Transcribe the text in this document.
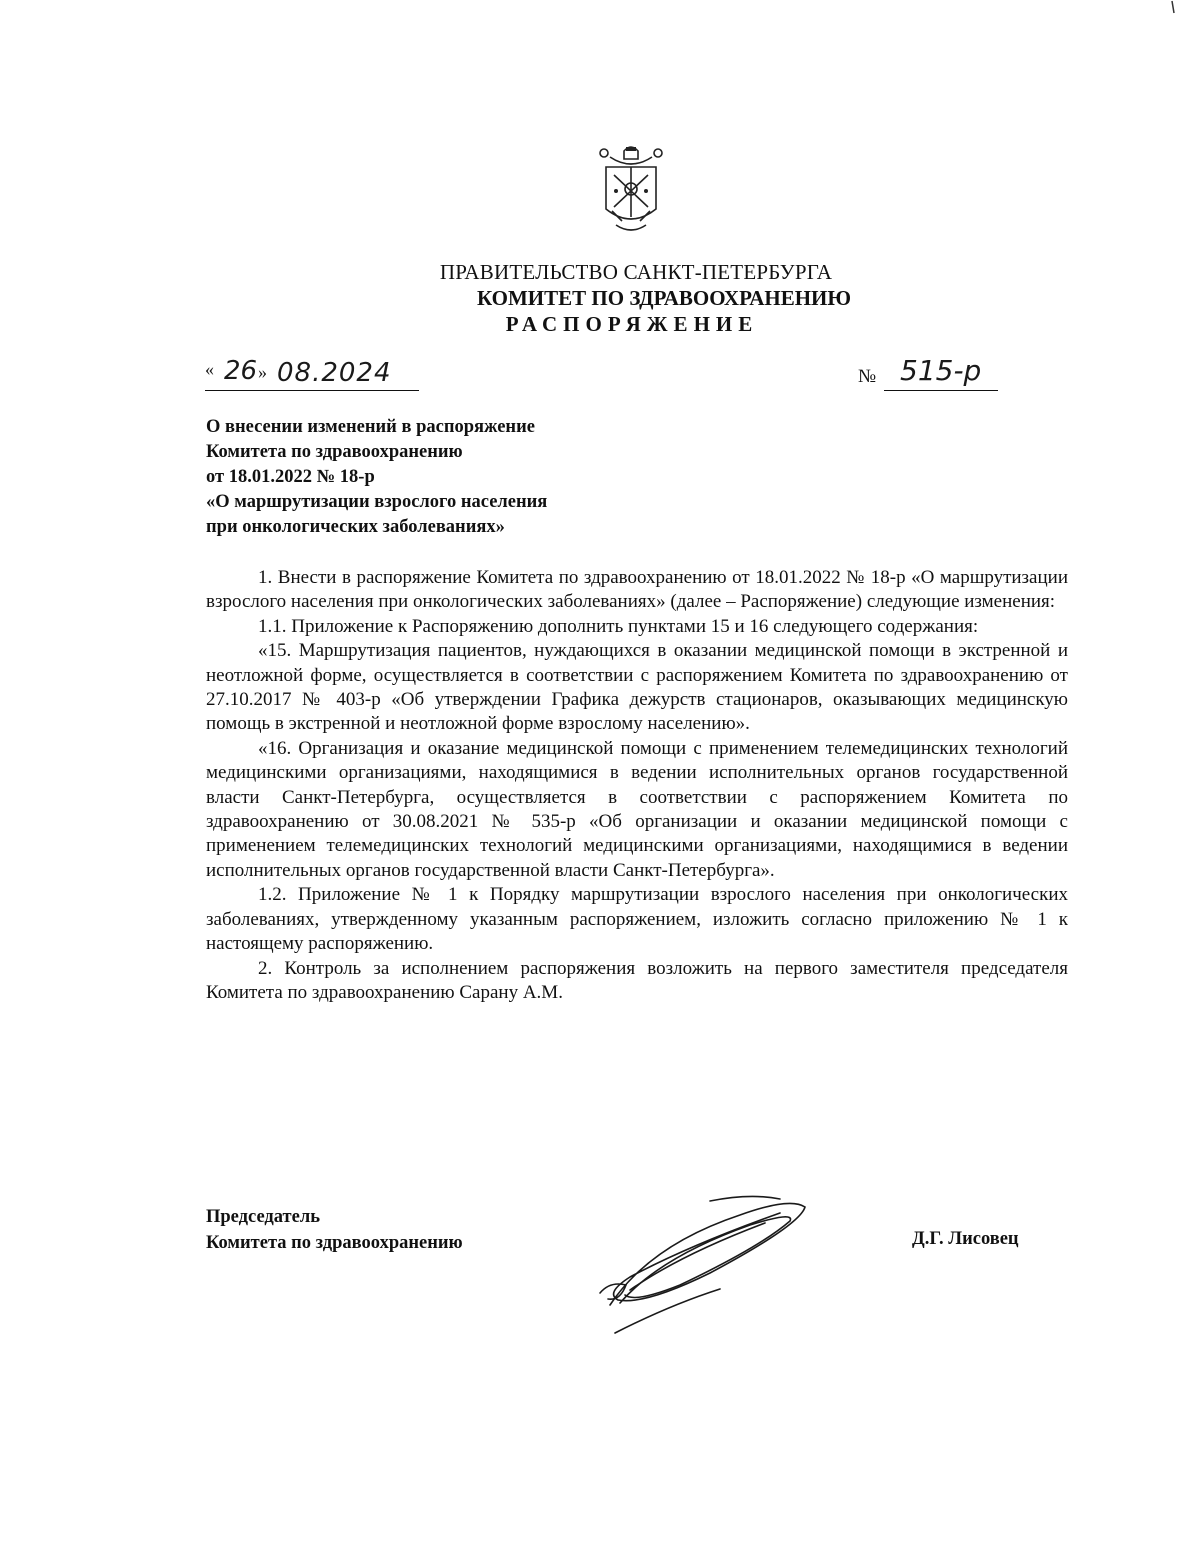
ПРАВИТЕЛЬСТВО САНКТ-ПЕТЕРБУРГА
КОМИТЕТ ПО ЗДРАВООХРАНЕНИЮ
РАСПОРЯЖЕНИЕ
« 26 » 08.2024	№ 515-р
О внесении изменений в распоряжение
Комитета по здравоохранению
от 18.01.2022 № 18-р
«О маршрутизации взрослого населения
при онкологических заболеваниях»

1. Внести в распоряжение Комитета по здравоохранению от 18.01.2022 № 18-р «О маршрутизации взрослого населения при онкологических заболеваниях» (далее – Распоряжение) следующие изменения:

1.1. Приложение к Распоряжению дополнить пунктами 15 и 16 следующего содержания:

«15. Маршрутизация пациентов, нуждающихся в оказании медицинской помощи в экстренной и неотложной форме, осуществляется в соответствии с распоряжением Комитета по здравоохранению от 27.10.2017 № 403-р «Об утверждении Графика дежурств стационаров, оказывающих медицинскую помощь в экстренной и неотложной форме взрослому населению».

«16. Организация и оказание медицинской помощи с применением телемедицинских технологий медицинскими организациями, находящимися в ведении исполнительных органов государственной власти Санкт-Петербурга, осуществляется в соответствии с распоряжением Комитета по здравоохранению от 30.08.2021 № 535-р «Об организации и оказании медицинской помощи с применением телемедицинских технологий медицинскими организациями, находящимися в ведении исполнительных органов государственной власти Санкт-Петербурга».

1.2. Приложение № 1 к Порядку маршрутизации взрослого населения при онкологических заболеваниях, утвержденному указанным распоряжением, изложить согласно приложению № 1 к настоящему распоряжению.

2. Контроль за исполнением распоряжения возложить на первого заместителя председателя Комитета по здравоохранению Сарану А.М.

Председатель
Комитета по здравоохранению	Д.Г. Лисовец
